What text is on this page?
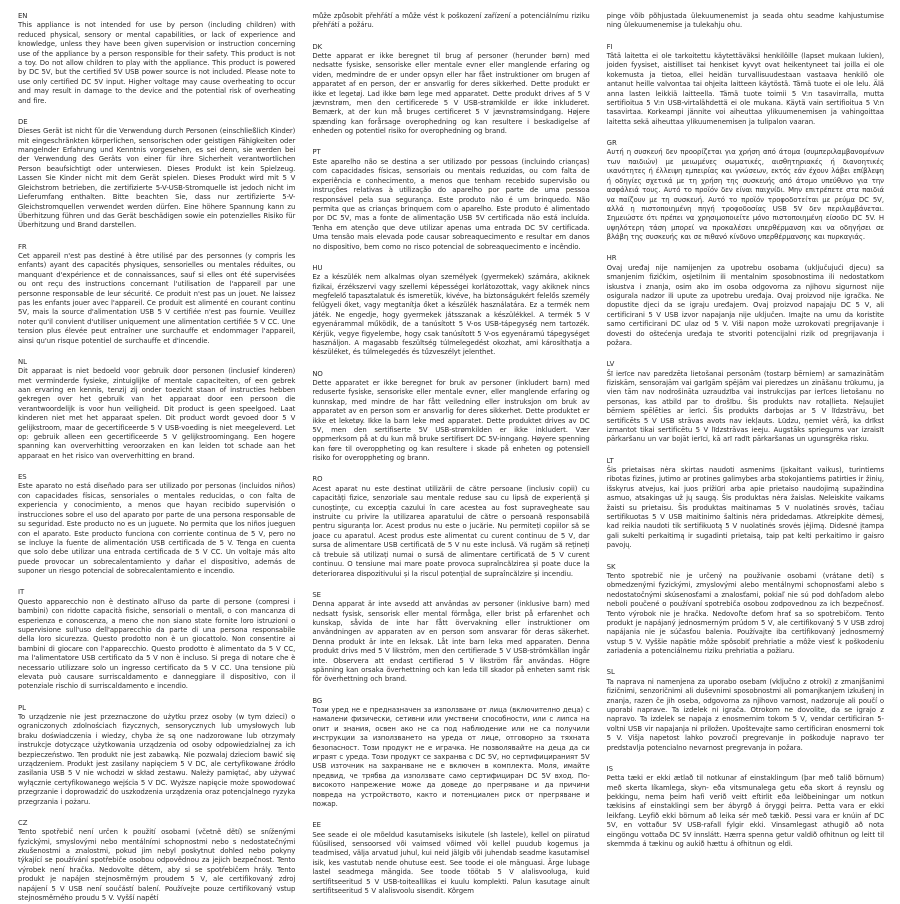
EN
This appliance is not intended for use by person (including children) with reduced physical, sensory or mental capabilities, or lack of experience and knowledge, unless they have been given supervision or instruction concerning use of the appliance by a person responsible for their safety. This product is not a toy. Do not allow children to play with the appliance. This product is powered by DC 5V, but the certified 5V USB power source is not included. Please note to use only certified DC 5V input. Higher voltage may cause overheating to occur and may result in damage to the device and the potential risk of overheating and fire.
DE
Dieses Gerät ist nicht für die Verwendung durch Personen (einschließlich Kinder) mit eingeschränkten körperlichen, sensorischen oder geistigen Fähigkeiten oder mangelnder Erfahrung und Kenntnis vorgesehen, es sei denn, sie werden bei der Verwendung des Geräts von einer für ihre Sicherheit verantwortlichen Person beaufsichtigt oder unterwiesen. Dieses Produkt ist kein Spielzeug. Lassen Sie Kinder nicht mit dem Gerät spielen. Dieses Produkt wird mit 5 V Gleichstrom betrieben, die zertifizierte 5-V-USB-Stromquelle ist jedoch nicht im Lieferumfang enthalten. Bitte beachten Sie, dass nur zertifizierte 5-V-Gleichstromquellen verwendet werden dürfen. Eine höhere Spannung kann zu Überhitzung führen und das Gerät beschädigen sowie ein potenzielles Risiko für Überhitzung und Brand darstellen.
FR
Cet appareil n'est pas destiné à être utilisé par des personnes (y compris les enfants) ayant des capacités physiques, sensorielles ou mentales réduites, ou manquant d'expérience et de connaissances, sauf si elles ont été supervisées ou ont reçu des instructions concernant l'utilisation de l'appareil par une personne responsable de leur sécurité. Ce produit n'est pas un jouet. Ne laissez pas les enfants jouer avec l'appareil. Ce produit est alimenté en courant continu 5V, mais la source d'alimentation USB 5 V certifiée n'est pas fournie. Veuillez noter qu'il convient d'utiliser uniquement une alimentation certifiée 5 V CC. Une tension plus élevée peut entraîner une surchauffe et endommager l'appareil, ainsi qu'un risque potentiel de surchauffe et d'incendie.
NL
Dit apparaat is niet bedoeld voor gebruik door personen (inclusief kinderen) met verminderde fysieke, zintuiglijke of mentale capaciteiten, of een gebrek aan ervaring en kennis, tenzij zij onder toezicht staan of instructies hebben gekregen over het gebruik van het apparaat door een persoon die verantwoordelijk is voor hun veiligheid. Dit product is geen speelgoed. Laat kinderen niet met het apparaat spelen. Dit product wordt gevoed door 5 V gelijkstroom, maar de gecertificeerde 5 V USB-voeding is niet meegeleverd. Let op: gebruik alleen een gecertificeerde 5 V gelijkstroomingang. Een hogere spanning kan oververhitting veroorzaken en kan leiden tot schade aan het apparaat en het risico van oververhitting en brand.
ES
Este aparato no está diseñado para ser utilizado por personas (incluidos niños) con capacidades físicas, sensoriales o mentales reducidas, o con falta de experiencia y conocimiento, a menos que hayan recibido supervisión o instrucciones sobre el uso del aparato por parte de una persona responsable de su seguridad. Este producto no es un juguete. No permita que los niños jueguen con el aparato. Este producto funciona con corriente continua de 5 V, pero no se incluye la fuente de alimentación USB certificada de 5 V. Tenga en cuenta que solo debe utilizar una entrada certificada de 5 V CC. Un voltaje más alto puede provocar un sobrecalentamiento y dañar el dispositivo, además de suponer un riesgo potencial de sobrecalentamiento e incendio.
IT
Questo apparecchio non è destinato all'uso da parte di persone (compresi i bambini) con ridotte capacità fisiche, sensoriali o mentali, o con mancanza di esperienza e conoscenza, a meno che non siano state fornite loro istruzioni o supervisione sull'uso dell'apparecchio da parte di una persona responsabile della loro sicurezza. Questo prodotto non è un giocattolo. Non consentire ai bambini di giocare con l'apparecchio. Questo prodotto è alimentato da 5 V CC, ma l'alimentatore USB certificato da 5 V non è incluso. Si prega di notare che è necessario utilizzare solo un ingresso certificato da 5 V CC. Una tensione più elevata può causare surriscaldamento e danneggiare il dispositivo, con il potenziale rischio di surriscaldamento e incendio.
PL
To urządzenie nie jest przeznaczone do użytku przez osoby (w tym dzieci) o ograniczonych zdolnościach fizycznych, sensorycznych lub umysłowych lub braku doświadczenia i wiedzy, chyba że są one nadzorowane lub otrzymały instrukcje dotyczące użytkowania urządzenia od osoby odpowiedzialnej za ich bezpieczeństwo. Ten produkt nie jest zabawką. Nie pozwalaj dzieciom bawić się urządzeniem. Produkt jest zasilany napięciem 5 V DC, ale certyfikowane źródło zasilania USB 5 V nie wchodzi w skład zestawu. Należy pamiętać, aby używać wyłącznie certyfikowanego wejścia 5 V DC. Wyższe napięcie może spowodować przegrzanie i doprowadzić do uszkodzenia urządzenia oraz potencjalnego ryzyka przegrzania i pożaru.
CZ
Tento spotřebič není určen k použití osobami (včetně dětí) se sníženými fyzickými, smyslovými nebo mentálními schopnostmi nebo s nedostatečnými zkušenostmi a znalostmi, pokud jim nebyl poskytnut dohled nebo pokyny týkající se používání spotřebiče osobou odpovědnou za jejich bezpečnost. Tento výrobek není hračka. Nedovolte dětem, aby si se spotřebičem hrály. Tento produkt je napájen stejnosměrným proudem 5 V, ale certifikovaný zdroj napájení 5 V USB není součástí balení. Používejte pouze certifikovaný vstup stejnosměrného proudu 5 V. Vyšší napětí
může způsobit přehřátí a může vést k poškození zařízení a potenciálnímu riziku přehřátí a požáru.
DK
Dette apparat er ikke beregnet til brug af personer (herunder børn) med nedsatte fysiske, sensoriske eller mentale evner eller manglende erfaring og viden, medmindre de er under opsyn eller har fået instruktioner om brugen af apparatet af en person, der er ansvarlig for deres sikkerhed. Dette produkt er ikke et legetøj. Lad ikke børn lege med apparatet. Dette produkt drives af 5 V jævnstrøm, men den certificerede 5 V USB-strømkilde er ikke inkluderet. Bemærk, at der kun må bruges certificeret 5 V jævnstrømsindgang. Højere spænding kan forårsage overophedning og kan resultere i beskadigelse af enheden og potentiel risiko for overophedning og brand.
PT
Este aparelho não se destina a ser utilizado por pessoas (incluindo crianças) com capacidades físicas, sensoriais ou mentais reduzidas, ou com falta de experiência e conhecimento, a menos que tenham recebido supervisão ou instruções relativas à utilização do aparelho por parte de uma pessoa responsável pela sua segurança. Este produto não é um brinquedo. Não permita que as crianças brinquem com o aparelho. Este produto é alimentado por DC 5V, mas a fonte de alimentação USB 5V certificada não está incluída. Tenha em atenção que deve utilizar apenas uma entrada DC 5V certificada. Uma tensão mais elevada pode causar sobreaquecimento e resultar em danos no dispositivo, bem como no risco potencial de sobreaquecimento e incêndio.
HU
Ez a készülék nem alkalmas olyan személyek (gyermekek) számára, akiknek fizikai, érzékszervi vagy szellemi képességei korlátozottak, vagy akiknek nincs megfelelő tapasztalatuk és ismeretük, kivéve, ha biztonságukért felelős személy felügyeli őket, vagy megtanítja őket a készülék használatára. Ez a termék nem játék. Ne engedje, hogy gyermekek játsszanak a készülékkel. A termék 5 V egyenárammal működik, de a tanúsított 5 V-os USB-tápegység nem tartozék. Kérjük, vegye figyelembe, hogy csak tanúsított 5 V-os egyenáramú tápegységet használjon. A magasabb feszültség túlmelegedést okozhat, ami károsíthatja a készüléket, és túlmelegedés és tűzveszélyt jelenthet.
NO
Dette apparatet er ikke beregnet for bruk av personer (inkludert barn) med reduserte fysiske, sensoriske eller mentale evner, eller manglende erfaring og kunnskap, med mindre de har fått veiledning eller instruksjon om bruk av apparatet av en person som er ansvarlig for deres sikkerhet. Dette produktet er ikke et leketøy. Ikke la barn leke med apparatet. Dette produktet drives av DC 5V, men den sertifiserte 5V USB-strømkilden er ikke inkludert. Vær oppmerksom på at du kun må bruke sertifisert DC 5V-inngang. Høyere spenning kan føre til overoppheting og kan resultere i skade på enheten og potensiell risiko for overoppheting og brann.
RO
Acest aparat nu este destinat utilizării de către persoane (inclusiv copii) cu capacități fizice, senzoriale sau mentale reduse sau cu lipsă de experiență și cunoștințe, cu excepția cazului în care acestea au fost supravegheate sau instruite cu privire la utilizarea aparatului de către o persoană responsabilă pentru siguranța lor. Acest produs nu este o jucărie. Nu permiteți copiilor să se joace cu aparatul. Acest produs este alimentat cu curent continuu de 5 V, dar sursa de alimentare USB certificată de 5 V nu este inclusă. Vă rugăm să rețineți că trebuie să utilizați numai o sursă de alimentare certificată de 5 V curent continuu. O tensiune mai mare poate provoca supraîncălzirea și poate duce la deteriorarea dispozitivului și la riscul potențial de supraîncălzire și incendiu.
SE
Denna apparat är inte avsedd att användas av personer (inklusive barn) med nedsatt fysisk, sensorisk eller mental förmåga, eller brist på erfarenhet och kunskap, såvida de inte har fått övervakning eller instruktioner om användningen av apparaten av en person som ansvarar för deras säkerhet. Denna produkt är inte en leksak. Låt inte barn leka med apparaten. Denna produkt drivs med 5 V likström, men den certifierade 5 V USB-strömkällan ingår inte. Observera att endast certifierad 5 V likström får användas. Högre spänning kan orsaka överhettning och kan leda till skador på enheten samt risk för överhettning och brand.
BG
Този уред не е предназначен за използване от лица (включително деца) с намалени физически, сетивни или умствени способности, или с липса на опит и знания, освен ако не са под наблюдение или не са получили инструкции за използването на уреда от лице, отговорно за тяхната безопасност. Този продукт не е играчка. Не позволявайте на деца да си играят с уреда. Този продукт се захранва с DC 5V, но сертифицираният 5V USB източник на захранване не е включен в комплекта. Моля, имайте предвид, че трябва да използвате само сертифициран DC 5V вход. По-високото напрежение може да доведе до прегряване и да причини повреда на устройството, както и потенциален риск от прегряване и пожар.
EE
See seade ei ole mõeldud kasutamiseks isikutele (sh lastele), kellel on piiratud füüsilised, sensoorsed või vaimsed võimed või kellel puudub kogemus ja teadmised, välja arvatud juhul, kui neid jälgib või juhendab seadme kasutamisel isik, kes vastutab nende ohutuse eest. See toode ei ole mänguasi. Ärge lubage lastel seadmega mängida. See toode töötab 5 V alalisvooluga, kuid sertifitseeritud 5 V USB-toiteallikas ei kuulu komplekti. Palun kasutage ainult sertifitseeritud 5 V alalisvoolu sisendit. Kõrgem
pinge võib põhjustada ülekuumenemist ja seada ohtu seadme kahjustumise ning ülekuumenemise ja tulekahju ohu.
FI
Tätä laitetta ei ole tarkoitettu käytettäväksi henkilöille (lapset mukaan lukien), joiden fyysiset, aistilliset tai henkiset kyvyt ovat heikentyneet tai joilla ei ole kokemusta ja tietoa, ellei heidän turvallisuudestaan vastaava henkilö ole antanut heille valvontaa tai ohjeita laitteen käytöstä. Tämä tuote ei ole lelu. Älä anna lasten leikkiä laitteella. Tämä tuote toimii 5 V:n tasavirralla, mutta sertifioitua 5 V:n USB-virtalähdettä ei ole mukana. Käytä vain sertifioitua 5 V:n tasavirtaa. Korkeampi jännite voi aiheuttaa ylikuumenemisen ja vahingoittaa laitetta sekä aiheuttaa ylikuumenemisen ja tulipalon vaaran.
GR
Αυτή η συσκευή δεν προορίζεται για χρήση από άτομα (συμπεριλαμβανομένων των παιδιών) με μειωμένες σωματικές, αισθητηριακές ή διανοητικές ικανότητες ή έλλειψη εμπειρίας και γνώσεων, εκτός εάν έχουν λάβει επίβλεψη ή οδηγίες σχετικά με τη χρήση της συσκευής από άτομο υπεύθυνο για την ασφάλειά τους. Αυτό το προϊόν δεν είναι παιχνίδι. Μην επιτρέπετε στα παιδιά να παίζουν με τη συσκευή. Αυτό το προϊόν τροφοδοτείται με ρεύμα DC 5V, αλλά η πιστοποιημένη πηγή τροφοδοσίας USB 5V δεν περιλαμβάνεται. Σημειώστε ότι πρέπει να χρησιμοποιείτε μόνο πιστοποιημένη είσοδο DC 5V. Η υψηλότερη τάση μπορεί να προκαλέσει υπερθέρμανση και να οδηγήσει σε βλάβη της συσκευής και σε πιθανό κίνδυνο υπερθέρμανσης και πυρκαγιάς.
HR
Ovaj uređaj nije namijenjen za upotrebu osobama (uključujući djecu) sa smanjenim fizičkim, osjetilnim ili mentalnim sposobnostima ili nedostatkom iskustva i znanja, osim ako im osoba odgovorna za njihovu sigurnost nije osigurala nadzor ili upute za upotrebu uređaja. Ovaj proizvod nije igračka. Ne dopustite djeci da se igraju uređajem. Ovaj proizvod napajaju DC 5 V, ali certificirani 5 V USB izvor napajanja nije uključen. Imajte na umu da koristite samo certificirani DC ulaz od 5 V. Viši napon može uzrokovati pregrijavanje i dovesti do oštećenja uređaja te stvoriti potencijalni rizik od pregrijavanja i požara.
LV
Šī ierīce nav paredzēta lietošanai personām (tostarp bērniem) ar samazinātām fiziskām, sensorajām vai garīgām spējām vai pieredzes un zināšanu trūkumu, ja vien tām nav nodrošināta uzraudzība vai instrukcijas par ierīces lietošanu no personas, kas atbild par to drošību. Šis produkts nav rotaļlieta. Neļaujiet bērniem spēlēties ar ierīci. Šis produkts darbojas ar 5 V līdzstrāvu, bet sertificēts 5 V USB strāvas avots nav iekļauts. Lūdzu, ņemiet vērā, ka drīkst izmantot tikai sertificētu 5 V līdzstrāvas ieeju. Augstāks spriegums var izraisīt pārkaršanu un var bojāt ierīci, kā arī radīt pārkaršanas un ugunsgrēka risku.
LT
Šis prietaisas nėra skirtas naudoti asmenims (įskaitant vaikus), turintiems ribotas fizines, jutimo ar protines galimybes arba stokojantiems patirties ir žinių, išskyrus atvejus, kai juos prižiūri arba apie prietaiso naudojimą supažindina asmuo, atsakingas už jų saugą. Šis produktas nėra žaislas. Neleiskite vaikams žaisti su prietaisu. Šis produktas maitinamas 5 V nuolatinės srovės, tačiau sertifikuotas 5 V USB maitinimo šaltinis nėra pridedamas. Atkreipkite dėmesį, kad reikia naudoti tik sertifikuotą 5 V nuolatinės srovės įėjimą. Didesnė įtampa gali sukelti perkaitimą ir sugadinti prietaisą, taip pat kelti perkaitimo ir gaisro pavojų.
SK
Tento spotrebič nie je určený na používanie osobami (vrátane detí) s obmedzenými fyzickými, zmyslovými alebo mentálnymi schopnosťami alebo s nedostatočnými skúsenosťami a znalosťami, pokiaľ nie sú pod dohľadom alebo neboli poučené o používaní spotrebiča osobou zodpovednou za ich bezpečnosť. Tento výrobok nie je hračka. Nedovoľte deťom hrať sa so spotrebičom. Tento produkt je napájaný jednosmerným prúdom 5 V, ale certifikovaný 5 V USB zdroj napájania nie je súčasťou balenia. Používajte iba certifikovaný jednosmerný vstup 5 V. Vyššie napätie môže spôsobiť prehriatie a môže viesť k poškodeniu zariadenia a potenciálnemu riziku prehriatia a požiaru.
SL
Ta naprava ni namenjena za uporabo osebam (vključno z otroki) z zmanjšanimi fizičnimi, senzoričnimi ali duševnimi sposobnostmi ali pomanjkanjem izkušenj in znanja, razen če jih oseba, odgovorna za njihovo varnost, nadzoruje ali poučí o uporabi naprave. Ta izdelek ni igrača. Otrokom ne dovolite, da se igrajo z napravo. Ta izdelek se napaja z enosmernim tokom 5 V, vendar certificiran 5-voltni USB vir napajanja ni priložen. Upoštevajte samo certificiran enosmerni tok 5 V. Višja napetost lahko povzroči pregrevanje in poškoduje napravo ter predstavlja potencialno nevarnost pregrevanja in požara.
IS
Þetta tæki er ekki ætlað til notkunar af einstaklingum (þar með talið börnum) með skerta líkamlega, skyn- eða vitsmunalega getu eða skort á reynslu og þekkingu, nema þeim hafi verið veitt eftirlit eða leiðbeiningar um notkun tækisins af einstaklingi sem ber ábyrgð á öryggi þeirra. Þetta vara er ekki leikfang. Leyfið ekki börnum að leika sér með tækið. Þessi vara er knúin af DC 5V, en vottaður 5V USB-rafall fylgir ekki. Vinsamlegast athugið að nota eingöngu vottaða DC 5V innslátt. Hærra spenna getur valdið ofhitnun og leitt til skemmda á tækinu og aukið hættu á ofhitnun og eldi.
